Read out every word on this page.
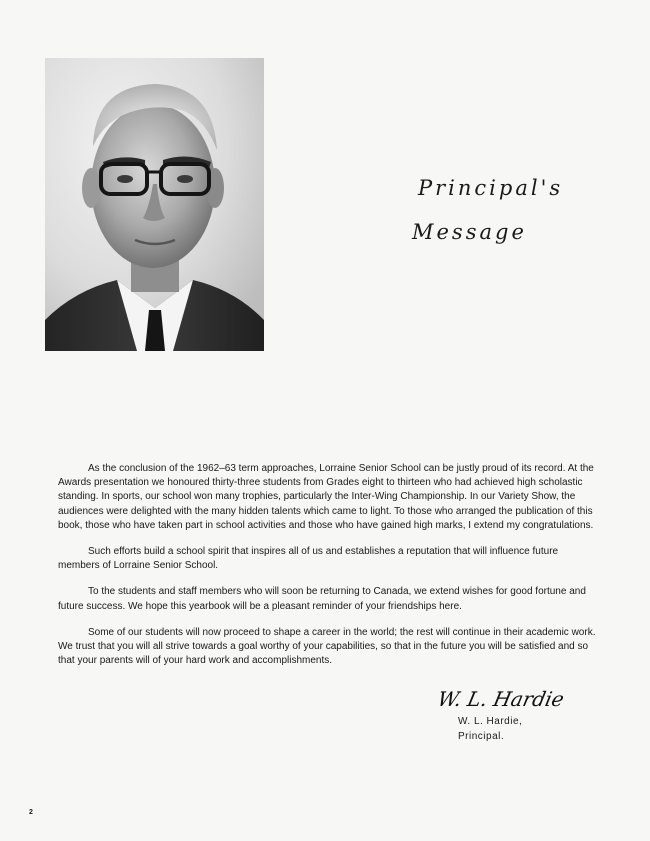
Principal's
Message

As the conclusion of the 1962–63 term approaches, Lorraine Senior School can be justly proud of its record. At the Awards presentation we honoured thirty-three students from Grades eight to thirteen who had achieved high scholastic standing. In sports, our school won many trophies, particularly the Inter-Wing Championship. In our Variety Show, the audiences were delighted with the many hidden talents which came to light. To those who arranged the publication of this book, those who have taken part in school activities and those who have gained high marks, I extend my congratulations.

Such efforts build a school spirit that inspires all of us and establishes a reputation that will influence future members of Lorraine Senior School.

To the students and staff members who will soon be returning to Canada, we extend wishes for good fortune and future success. We hope this yearbook will be a pleasant reminder of your friendships here.

Some of our students will now proceed to shape a career in the world; the rest will continue in their academic work. We trust that you will all strive towards a goal worthy of your capabilities, so that in the future you will be satisfied and so that your parents will of your hard work and accomplishments.

W. L. Hardie
W. L. Hardie,
Principal.
2
